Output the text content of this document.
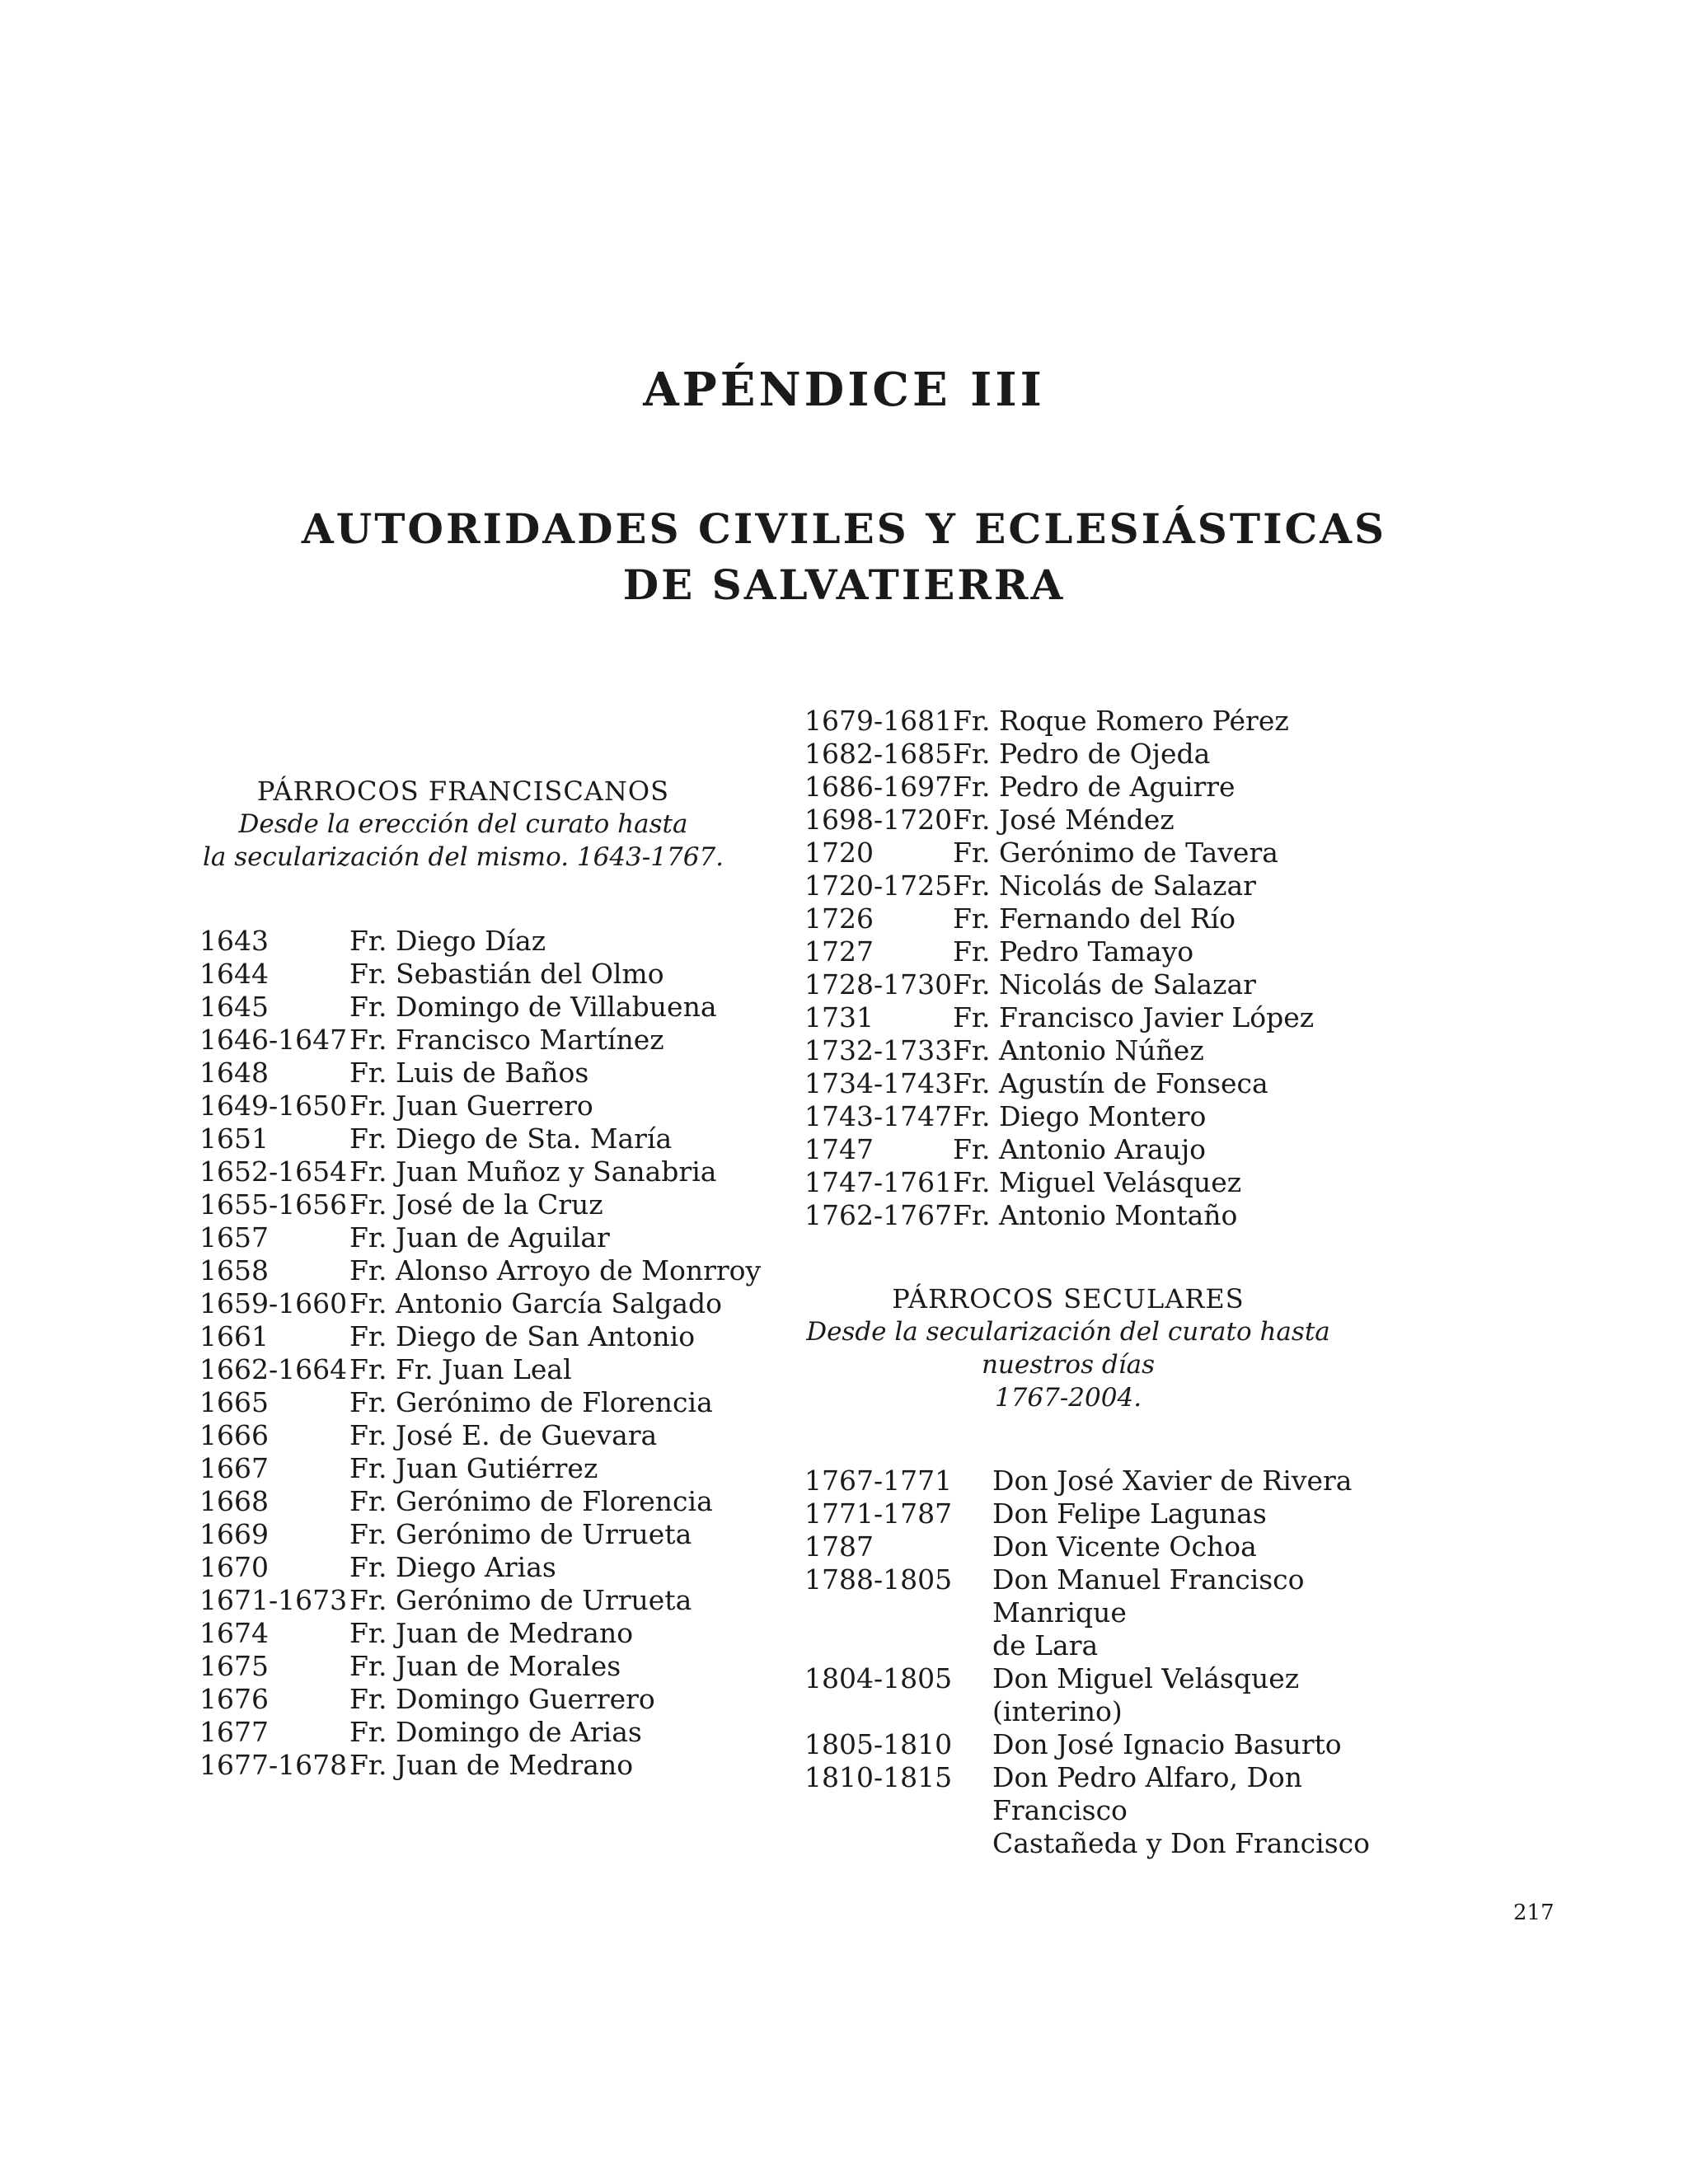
APÉNDICE III
AUTORIDADES CIVILES Y ECLESIÁSTICAS
DE SALVATIERRA
PÁRROCOS FRANCISCANOS
Desde la erección del curato hasta
la secularización del mismo. 1643-1767.
1643	Fr. Diego Díaz
1644	Fr. Sebastián del Olmo
1645	Fr. Domingo de Villabuena
1646-1647 Fr. Francisco Martínez
1648	Fr. Luis de Baños
1649-1650 Fr. Juan Guerrero
1651	Fr. Diego de Sta. María
1652-1654 Fr. Juan Muñoz y Sanabria
1655-1656 Fr. José de la Cruz
1657	Fr. Juan de Aguilar
1658	Fr. Alonso Arroyo de Monrroy
1659-1660 Fr. Antonio García Salgado
1661	Fr. Diego de San Antonio
1662-1664 Fr. Fr. Juan Leal
1665	Fr. Gerónimo de Florencia
1666	Fr. José E. de Guevara
1667	Fr. Juan Gutiérrez
1668	Fr. Gerónimo de Florencia
1669	Fr. Gerónimo de Urrueta
1670	Fr. Diego Arias
1671-1673 Fr. Gerónimo de Urrueta
1674	Fr. Juan de Medrano
1675	Fr. Juan de Morales
1676	Fr. Domingo Guerrero
1677	Fr. Domingo de Arias
1677-1678 Fr. Juan de Medrano
1679-1681 Fr. Roque Romero Pérez
1682-1685 Fr. Pedro de Ojeda
1686-1697 Fr. Pedro de Aguirre
1698-1720 Fr. José Méndez
1720	Fr. Gerónimo de Tavera
1720-1725 Fr. Nicolás de Salazar
1726	Fr. Fernando del Río
1727	Fr. Pedro Tamayo
1728-1730 Fr. Nicolás de Salazar
1731	Fr. Francisco Javier López
1732-1733 Fr. Antonio Núñez
1734-1743 Fr. Agustín de Fonseca
1743-1747 Fr. Diego Montero
1747	Fr. Antonio Araujo
1747-1761 Fr. Miguel Velásquez
1762-1767 Fr. Antonio Montaño
PÁRROCOS SECULARES
Desde la secularización del curato hasta
nuestros días
1767-2004.
1767-1771	Don José Xavier de Rivera
1771-1787	Don Felipe Lagunas
1787	Don Vicente Ochoa
1788-1805	Don Manuel Francisco Manrique
de Lara
1804-1805	Don Miguel Velásquez (interino)
1805-1810	Don José Ignacio Basurto
1810-1815	Don Pedro Alfaro, Don Francisco
Castañeda y Don Francisco
217
